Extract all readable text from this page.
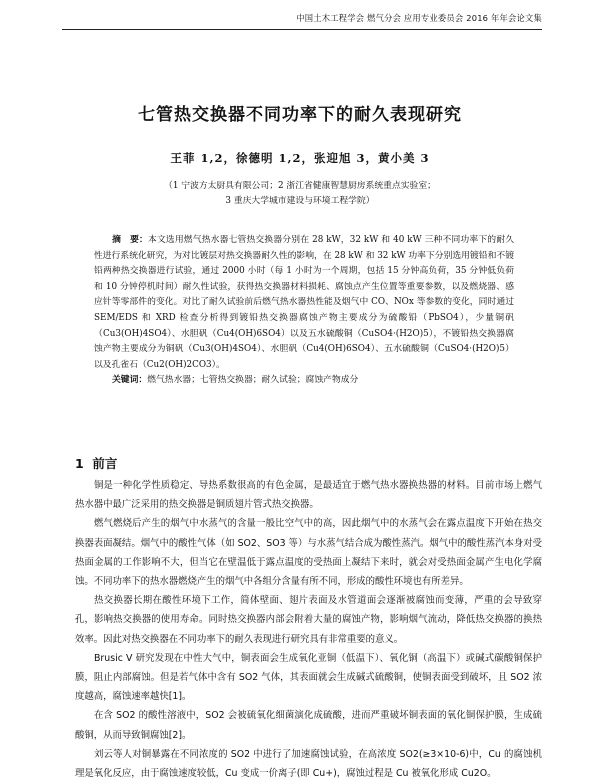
中国土木工程学会 燃气分会 应用专业委员会 2016 年年会论文集
七管热交换器不同功率下的耐久表现研究
王菲 1,2，徐德明 1,2，张迎旭 3，黄小美 3
（1 宁波方太厨具有限公司；2 浙江省健康智慧厨房系统重点实验室；
3 重庆大学城市建设与环境工程学院）
摘　要：本文选用燃气热水器七管热交换器分别在 28 kW，32 kW 和 40 kW 三种不同功率下的耐久性进行系统化研究，为对比镀层对热交换器耐久性的影响，在 28 kW 和 32 kW 功率下分别选用镀铅和不镀铅两种热交换器进行试验，通过 2000 小时（每 1 小时为一个周期，包括 15 分钟高负荷，35 分钟低负荷和 10 分钟停机时间）耐久性试验，获得热交换器材料损耗、腐蚀点产生位置等重要参数，以及燃烧器、感应针等零部件的变化。对比了耐久试验前后燃气热水器热性能及烟气中 CO、NOx 等参数的变化，同时通过 SEM/EDS 和 XRD 检查分析得到镀铅热交换器腐蚀产物主要成分为硫酸铅（PbSO4），少量铜矾（Cu3(OH)4SO4）、水胆矾（Cu4(OH)6SO4）以及五水硫酸铜（CuSO4·(H2O)5），不镀铅热交换器腐蚀产物主要成分为铜矾（Cu3(OH)4SO4）、水胆矾（Cu4(OH)6SO4）、五水硫酸铜（CuSO4·(H2O)5）以及孔雀石（Cu2(OH)2CO3）。
关键词：燃气热水器；七管热交换器；耐久试验；腐蚀产物成分
1 前言

铜是一种化学性质稳定、导热系数很高的有色金属，是最适宜于燃气热水器换热器的材料。目前市场上燃气热水器中最广泛采用的热交换器是铜质翅片管式热交换器。

燃气燃烧后产生的烟气中水蒸气的含量一般比空气中的高，因此烟气中的水蒸气会在露点温度下开始在热交换器表面凝结。烟气中的酸性气体（如 SO2、SO3 等）与水蒸气结合成为酸性蒸汽。烟气中的酸性蒸汽本身对受热面金属的工作影响不大，但当它在壁温低于露点温度的受热面上凝结下来时，就会对受热面金属产生电化学腐蚀。不同功率下的热水器燃烧产生的烟气中各组分含量有所不同，形成的酸性环境也有所差异。

热交换器长期在酸性环境下工作，简体壁面、翅片表面及水管道面会逐渐被腐蚀而变薄，严重的会导致穿孔，影响热交换器的使用寿命。同时热交换器内部会附着大量的腐蚀产物，影响烟气流动，降低热交换器的换热效率。因此对热交换器在不同功率下的耐久表现进行研究具有非常重要的意义。

Brusic V 研究发现在中性大气中，铜表面会生成氧化亚铜（低温下）、氧化铜（高温下）或碱式碳酸铜保护膜，阻止内部腐蚀。但是若气体中含有 SO2 气体，其表面就会生成碱式硫酸铜，使铜表面受到破坏，且 SO2 浓度越高，腐蚀速率越快[1]。

在含 SO2 的酸性溶液中，SO2 会被硫氧化细菌演化成硫酸，进而严重破坏铜表面的氧化铜保护膜，生成硫酸铜，从而导致铜腐蚀[2]。

刘云等人对铜暴露在不同浓度的 SO2 中进行了加速腐蚀试验，在高浓度 SO2(≥3×10-6)中，Cu 的腐蚀机理是氧化反应，由于腐蚀速度较低，Cu 变成一价离子(即 Cu+)，腐蚀过程是 Cu 被氧化形成 Cu2O。
